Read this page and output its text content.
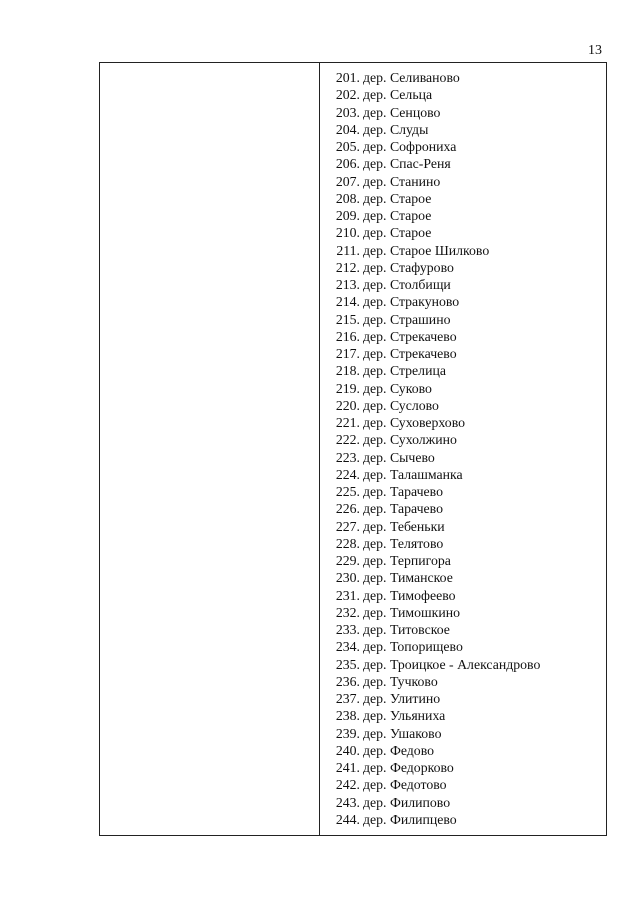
13
201. дер. Селиваново
202. дер. Сельца
203. дер. Сенцово
204. дер. Слуды
205. дер. Софрониха
206. дер. Спас-Реня
207. дер. Станино
208. дер. Старое
209. дер. Старое
210. дер. Старое
211. дер. Старое Шилково
212. дер. Стафурово
213. дер. Столбищи
214. дер. Стракуново
215. дер. Страшино
216. дер. Стрекачево
217. дер. Стрекачево
218. дер. Стрелица
219. дер. Суково
220. дер. Суслово
221. дер. Суховерхово
222. дер. Сухолжино
223. дер. Сычево
224. дер. Талашманка
225. дер. Тарачево
226. дер. Тарачево
227. дер. Тебеньки
228. дер. Телятово
229. дер. Терпигора
230. дер. Тиманское
231. дер. Тимофеево
232. дер. Тимошкино
233. дер. Титовское
234. дер. Топорищево
235. дер. Троицкое - Александрово
236. дер. Тучково
237. дер. Улитино
238. дер. Ульяниха
239. дер. Ушаково
240. дер. Федово
241. дер. Федорково
242. дер. Федотово
243. дер. Филипово
244. дер. Филипцево
